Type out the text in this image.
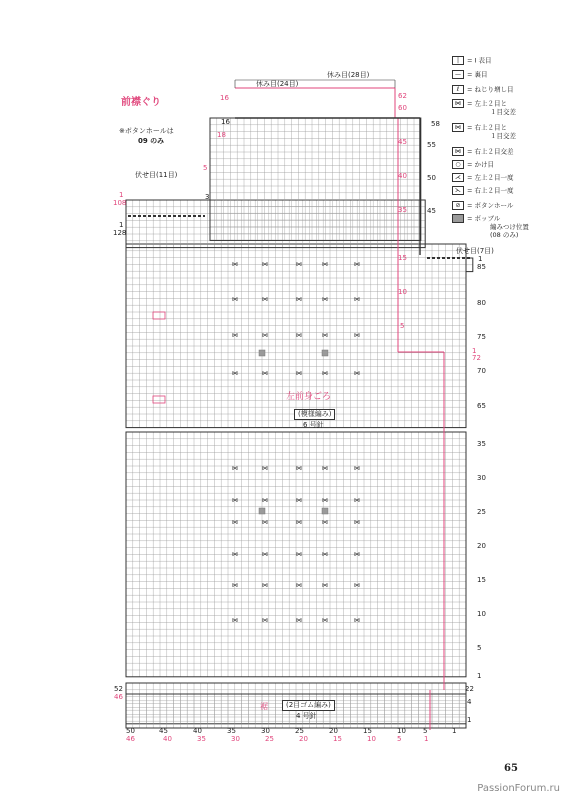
⋈	⋈	⋈	⋈	⋈
⋈	⋈	⋈	⋈	⋈
⋈	⋈	⋈	⋈	⋈
⋈	⋈	⋈	⋈	⋈
⋈	⋈	⋈	⋈	⋈
⋈	⋈	⋈	⋈	⋈
⋈	⋈	⋈	⋈	⋈
⋈	⋈	⋈	⋈	⋈
⋈	⋈	⋈	⋈	⋈
⋈	⋈	⋈	⋈	⋈
前襟ぐり
※ボタンホールは
09 のみ
休み目(24目)
休み目(28目)
伏せ目(11目)
伏せ目(7目)
左前身ごろ
(模様編み)
6 号針
裾	(2目ゴム編み)
4 号針
58
55
50
45
1
85
80
75
70
65
35
30
25
20
15
10
5
1
22
4
1
62
60
45
40
35
15
10
5
1
72
16
16
18
5
3
1
108
1
128
52
46
50	45	40	35	30	25	20	15	10 5	1
46	40	35	30	25	20	15	10	5	1
| = Ⅰ 表目
— = 裏目
ℓ = ねじり増し目
⋈ = 左上２目と
１目交差
⋈ = 右上２目と
１目交差
⋈ = 右上２目交差
○ = かけ目
⋌ = 左上２目一度
⋋ = 右上２目一度
⊘ = ボタンホール
■ = ボッブル
編みつけ位置
(08 のみ)
65
PassionForum.ru
